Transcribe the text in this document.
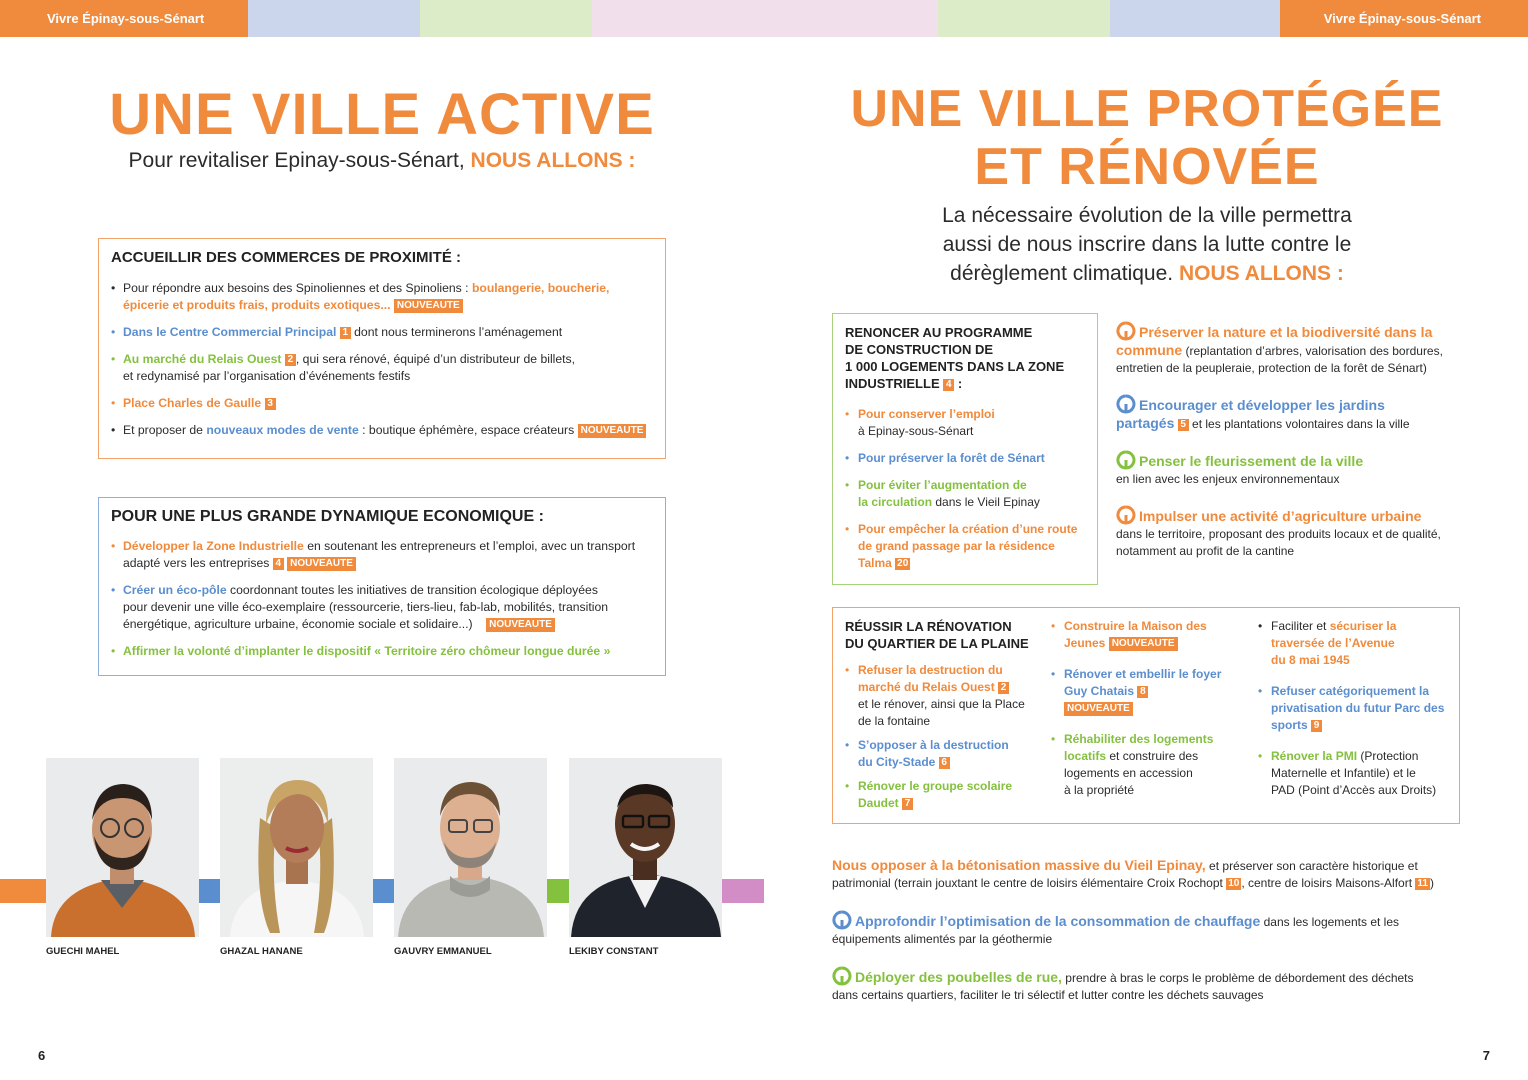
Vivre Épinay-sous-Sénart	Vivre Épinay-sous-Sénart
UNE VILLE ACTIVE
Pour revitaliser Epinay-sous-Sénart, NOUS ALLONS :
ACCUEILLIR DES COMMERCES DE PROXIMITÉ :
• Pour répondre aux besoins des Spinoliennes et des Spinoliens : boulangerie, boucherie,
épicerie et produits frais, produits exotiques... NOUVEAUTE
• Dans le Centre Commercial Principal 1 dont nous terminerons l’aménagement
• Au marché du Relais Ouest 2 , qui sera rénové, équipé d’un distributeur de billets,
et redynamisé par l’organisation d’événements festifs
• Place Charles de Gaulle 3
• Et proposer de nouveaux modes de vente : boutique éphémère, espace créateurs NOUVEAUTE
POUR UNE PLUS GRANDE DYNAMIQUE ECONOMIQUE :
• Développer la Zone Industrielle en soutenant les entrepreneurs et l’emploi, avec un transport
adapté vers les entreprises 4 NOUVEAUTE
• Créer un éco-pôle coordonnant toutes les initiatives de transition écologique déployées
pour devenir une ville éco-exemplaire (ressourcerie, tiers-lieu, fab-lab, mobilités, transition
énergétique, agriculture urbaine, économie sociale et solidaire...) NOUVEAUTE
• Affirmer la volonté d’implanter le dispositif « Territoire zéro chômeur longue durée »
GUECHI MAHEL	GHAZAL HANANE	GAUVRY EMMANUEL	LEKIBY CONSTANT
6
UNE VILLE PROTÉGÉE
ET RÉNOVÉE
La nécessaire évolution de la ville permettra
aussi de nous inscrire dans la lutte contre le
dérèglement climatique. NOUS ALLONS :
RENONCER AU PROGRAMME
DE CONSTRUCTION DE
1 000 LOGEMENTS DANS LA ZONE
INDUSTRIELLE 4 :
• Pour conserver l’emploi
à Epinay-sous-Sénart
• Pour préserver la forêt de Sénart
• Pour éviter l’augmentation de
la circulation dans le Vieil Epinay
• Pour empêcher la création d’une route
de grand passage par la résidence
Talma 20
Préserver la nature et la biodiversité dans la
commune (replantation d’arbres, valorisation des bordures,
entretien de la peupleraie, protection de la forêt de Sénart)
Encourager et développer les jardins
partagés 5 et les plantations volontaires dans la ville
Penser le fleurissement de la ville
en lien avec les enjeux environnementaux
Impulser une activité d’agriculture urbaine
dans le territoire, proposant des produits locaux et de qualité,
notamment au profit de la cantine
RÉUSSIR LA RÉNOVATION
DU QUARTIER DE LA PLAINE
• Refuser la destruction du
marché du Relais Ouest 2
et le rénover, ainsi que la Place
de la fontaine
• S’opposer à la destruction
du City-Stade 6
• Rénover le groupe scolaire
Daudet 7
• Construire la Maison des
Jeunes NOUVEAUTE
• Rénover et embellir le foyer
Guy Chatais 8
NOUVEAUTE
• Réhabiliter des logements
locatifs et construire des
logements en accession
à la propriété
• Faciliter et sécuriser la
traversée de l’Avenue
du 8 mai 1945
• Refuser catégoriquement la
privatisation du futur Parc des
sports 9
• Rénover la PMI (Protection
Maternelle et Infantile) et le
PAD (Point d’Accès aux Droits)
Nous opposer à la bétonisation massive du Vieil Epinay, et préserver son caractère historique et
patrimonial (terrain jouxtant le centre de loisirs élémentaire Croix Rochopt 10 , centre de loisirs Maisons-Alfort 11 )
Approfondir l’optimisation de la consommation de chauffage dans les logements et les
équipements alimentés par la géothermie
Déployer des poubelles de rue, prendre à bras le corps le problème de débordement des déchets
dans certains quartiers, faciliter le tri sélectif et lutter contre les déchets sauvages
7
